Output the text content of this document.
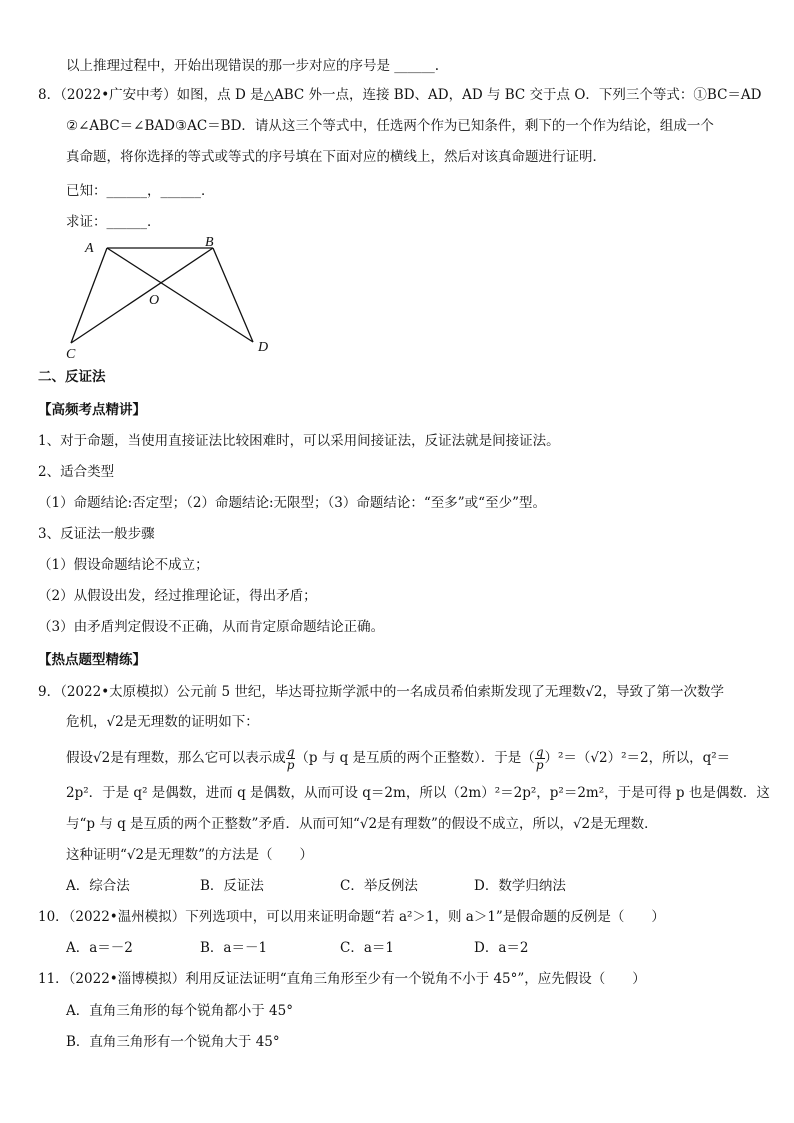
以上推理过程中，开始出现错误的那一步对应的序号是 ______.
8．（2022•广安中考）如图，点 D 是△ABC 外一点，连接 BD、AD，AD 与 BC 交于点 O．下列三个等式：①BC＝AD
②∠ABC＝∠BAD③AC＝BD．请从这三个等式中，任选两个作为已知条件，剩下的一个作为结论，组成一个
真命题，将你选择的等式或等式的序号填在下面对应的横线上，然后对该真命题进行证明．
已知：______，______．
求证：______．
A	B
O
C	D
二、反证法
【高频考点精讲】
1、对于命题，当使用直接证法比较困难时，可以采用间接证法，反证法就是间接证法。
2、适合类型
（1）命题结论:否定型；（2）命题结论:无限型；（3）命题结论：“至多”或“至少”型。
3、反证法一般步骤
（1）假设命题结论不成立；
（2）从假设出发，经过推理论证，得出矛盾；
（3）由矛盾判定假设不正确，从而肯定原命题结论正确。
【热点题型精练】
9．（2022•太原模拟）公元前 5 世纪，毕达哥拉斯学派中的一名成员希伯索斯发现了无理数√2，导致了第一次数学
危机，√2是无理数的证明如下：
假设√2是有理数，那么它可以表示成 $\frac{q}{p} (p$ 与 q 是互质的两个正整数）．于是（ $\frac{q}{p} )^2=(√2)^2=2$，所以，q²＝
2p²．于是 q² 是偶数，进而 q 是偶数，从而可设 q＝2m，所以（2m）²＝2p²，p²＝2m²，于是可得 p 也是偶数．这
与“p 与 q 是互质的两个正整数”矛盾．从而可知“√2是有理数”的假设不成立，所以，√2是无理数．
这种证明“√2是无理数”的方法是（　　）
A．综合法	B．反证法	C．举反例法	D．数学归纳法
10．（2022•温州模拟）下列选项中，可以用来证明命题“若 a²＞1，则 a＞1”是假命题的反例是（　　）
A．a＝－2	B．a＝－1	C．a＝1	D．a＝2
11．（2022•淄博模拟）利用反证法证明“直角三角形至少有一个锐角不小于 45°”，应先假设（　　）
A．直角三角形的每个锐角都小于 45°
B．直角三角形有一个锐角大于 45°
